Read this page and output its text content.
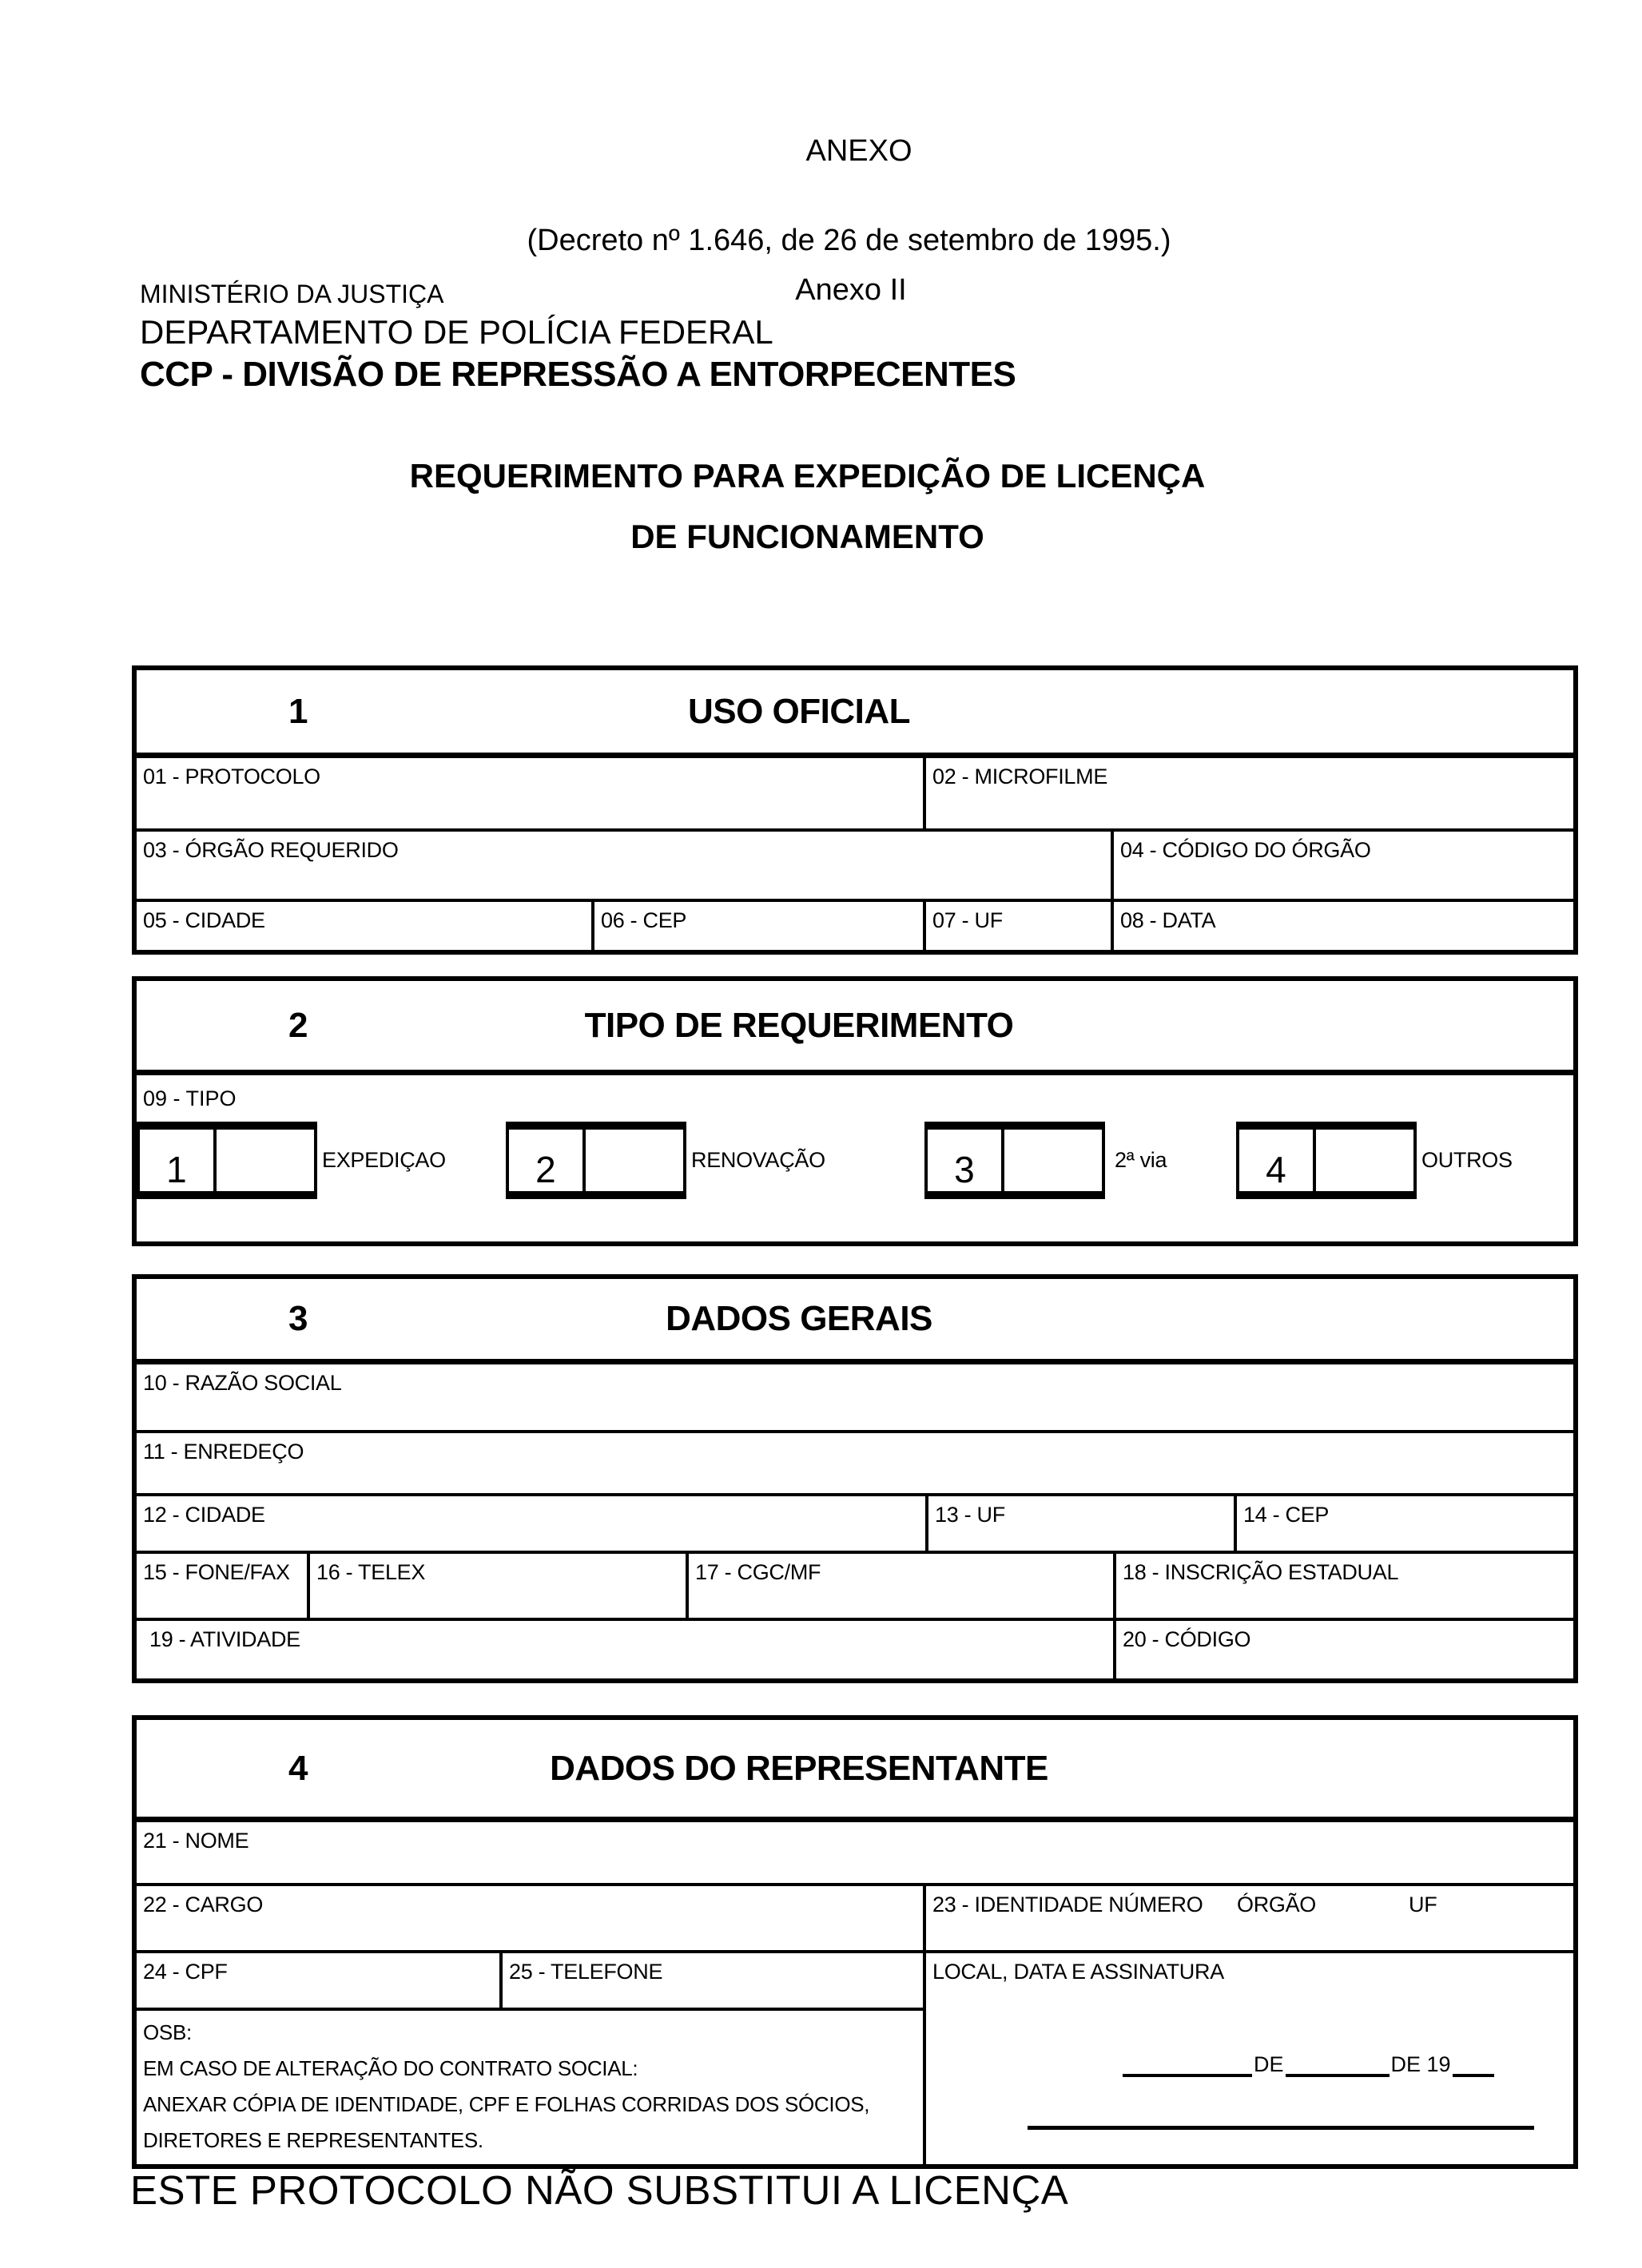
ANEXO
(Decreto nº 1.646, de 26 de setembro de 1995.)
Anexo II
MINISTÉRIO DA JUSTIÇA
DEPARTAMENTO DE POLÍCIA FEDERAL
CCP - DIVISÃO DE REPRESSÃO A ENTORPECENTES
REQUERIMENTO PARA EXPEDIÇÃO DE LICENÇA
DE FUNCIONAMENTO
1	USO OFICIAL
01 - PROTOCOLO	02 - MICROFILME
03 - ÓRGÃO REQUERIDO	04 - CÓDIGO DO ÓRGÃO
05 - CIDADE	06 - CEP	07 - UF	08 - DATA
2	TIPO DE REQUERIMENTO
09 - TIPO
1	EXPEDIÇAO	2	RENOVAÇÃO	3	2ª via	4	OUTROS
3	DADOS GERAIS
10 - RAZÃO SOCIAL
11 - ENREDEÇO
12 - CIDADE	13 - UF	14 - CEP
15 - FONE/FAX 16 - TELEX	17 - CGC/MF	18 - INSCRIÇÃO ESTADUAL
19 - ATIVIDADE	20 - CÓDIGO
4	DADOS DO REPRESENTANTE
21 - NOME
22 - CARGO	23 - IDENTIDADE NÚMERO ÓRGÃO	UF
24 - CPF	25 - TELEFONE
OSB:
EM CASO DE ALTERAÇÃO DO CONTRATO SOCIAL:
ANEXAR CÓPIA DE IDENTIDADE, CPF E FOLHAS CORRIDAS DOS SÓCIOS,
DIRETORES E REPRESENTANTES.
LOCAL, DATA E ASSINATURA
DE	DE 19
ESTE PROTOCOLO NÃO SUBSTITUI A LICENÇA
